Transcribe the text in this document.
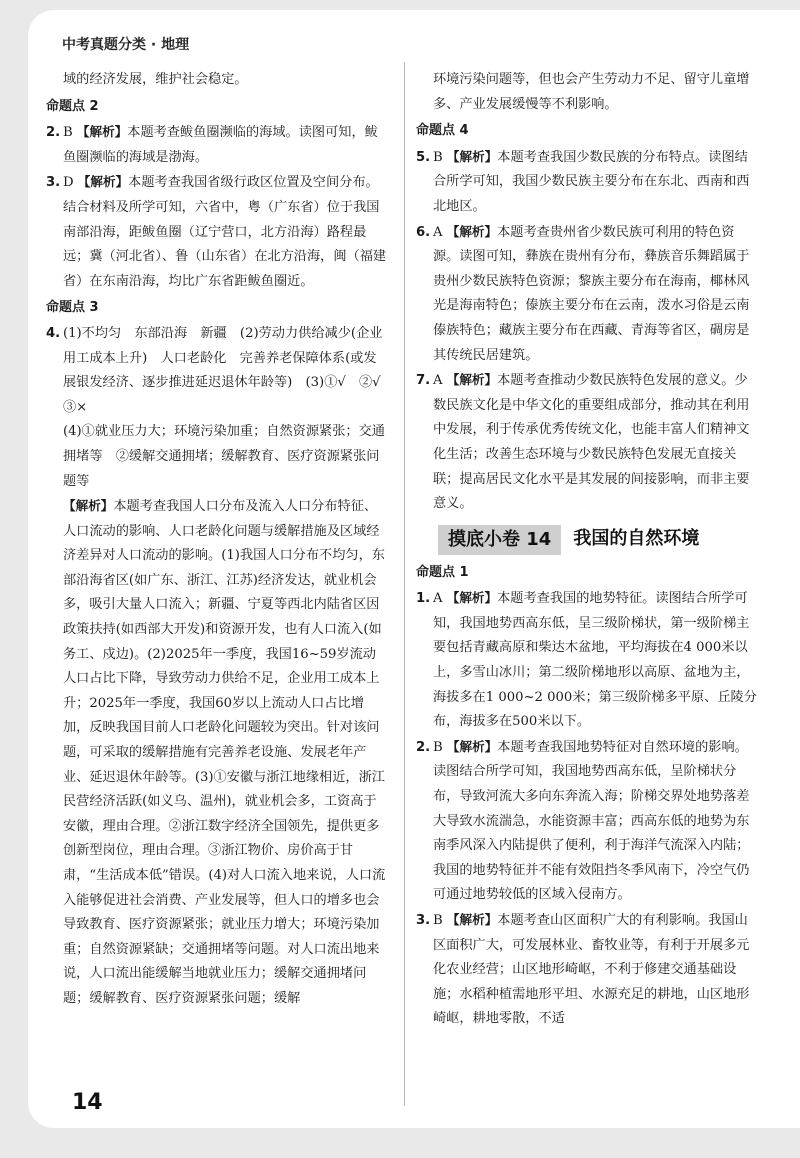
中考真题分类 · 地理

域的经济发展，维护社会稳定。

命题点 2

2. B 【解析】本题考查鲅鱼圈濒临的海域。读图可知，鲅鱼圈濒临的海域是渤海。

3. D 【解析】本题考查我国省级行政区位置及空间分布。结合材料及所学可知，六省中，粤（广东省）位于我国南部沿海，距鲅鱼圈（辽宁营口，北方沿海）路程最远；冀（河北省）、鲁（山东省）在北方沿海，闽（福建省）在东南沿海，均比广东省距鲅鱼圈近。

命题点 3

4. (1)不均匀　东部沿海　新疆　(2)劳动力供给减少(企业用工成本上升)　人口老龄化　完善养老保障体系(或发展银发经济、逐步推进延迟退休年龄等)　(3)①√　②√　③×

(4)①就业压力大；环境污染加重；自然资源紧张；交通拥堵等　②缓解交通拥堵；缓解教育、医疗资源紧张问题等

【解析】本题考查我国人口分布及流入人口分布特征、人口流动的影响、人口老龄化问题与缓解措施及区域经济差异对人口流动的影响。(1)我国人口分布不均匀，东部沿海省区(如广东、浙江、江苏)经济发达，就业机会多，吸引大量人口流入；新疆、宁夏等西北内陆省区因政策扶持(如西部大开发)和资源开发，也有人口流入(如务工、戍边)。(2)2025年一季度，我国16~59岁流动人口占比下降，导致劳动力供给不足，企业用工成本上升；2025年一季度，我国60岁以上流动人口占比增加，反映我国目前人口老龄化问题较为突出。针对该问题，可采取的缓解措施有完善养老设施、发展老年产业、延迟退休年龄等。(3)①安徽与浙江地缘相近，浙江民营经济活跃(如义乌、温州)，就业机会多，工资高于安徽，理由合理。②浙江数字经济全国领先，提供更多创新型岗位，理由合理。③浙江物价、房价高于甘肃，“生活成本低”错误。(4)对人口流入地来说，人口流入能够促进社会消费、产业发展等，但人口的增多也会导致教育、医疗资源紧张；就业压力增大；环境污染加重；自然资源紧缺；交通拥堵等问题。对人口流出地来说，人口流出能缓解当地就业压力；缓解交通拥堵问题；缓解教育、医疗资源紧张问题；缓解

环境污染问题等，但也会产生劳动力不足、留守儿童增多、产业发展缓慢等不利影响。

命题点 4

5. B 【解析】本题考查我国少数民族的分布特点。读图结合所学可知，我国少数民族主要分布在东北、西南和西北地区。

6. A 【解析】本题考查贵州省少数民族可利用的特色资源。读图可知，彝族在贵州有分布，彝族音乐舞蹈属于贵州少数民族特色资源；黎族主要分布在海南，椰林风光是海南特色；傣族主要分布在云南，泼水习俗是云南傣族特色；藏族主要分布在西藏、青海等省区，碉房是其传统民居建筑。

7. A 【解析】本题考查推动少数民族特色发展的意义。少数民族文化是中华文化的重要组成部分，推动其在利用中发展，利于传承优秀传统文化，也能丰富人们精神文化生活；改善生态环境与少数民族特色发展无直接关联；提高居民文化水平是其发展的间接影响，而非主要意义。

摸底小卷 14	我国的自然环境
命题点 1

1. A 【解析】本题考查我国的地势特征。读图结合所学可知，我国地势西高东低，呈三级阶梯状，第一级阶梯主要包括青藏高原和柴达木盆地，平均海拔在4 000米以上，多雪山冰川；第二级阶梯地形以高原、盆地为主，海拔多在1 000~2 000米；第三级阶梯多平原、丘陵分布，海拔多在500米以下。

2. B 【解析】本题考查我国地势特征对自然环境的影响。读图结合所学可知，我国地势西高东低，呈阶梯状分布，导致河流大多向东奔流入海；阶梯交界处地势落差大导致水流湍急，水能资源丰富；西高东低的地势为东南季风深入内陆提供了便利，利于海洋气流深入内陆；我国的地势特征并不能有效阻挡冬季风南下，冷空气仍可通过地势较低的区域入侵南方。

3. B 【解析】本题考查山区面积广大的有利影响。我国山区面积广大，可发展林业、畜牧业等，有利于开展多元化农业经营；山区地形崎岖，不利于修建交通基础设施；水稻种植需地形平坦、水源充足的耕地，山区地形崎岖，耕地零散，不适

14
